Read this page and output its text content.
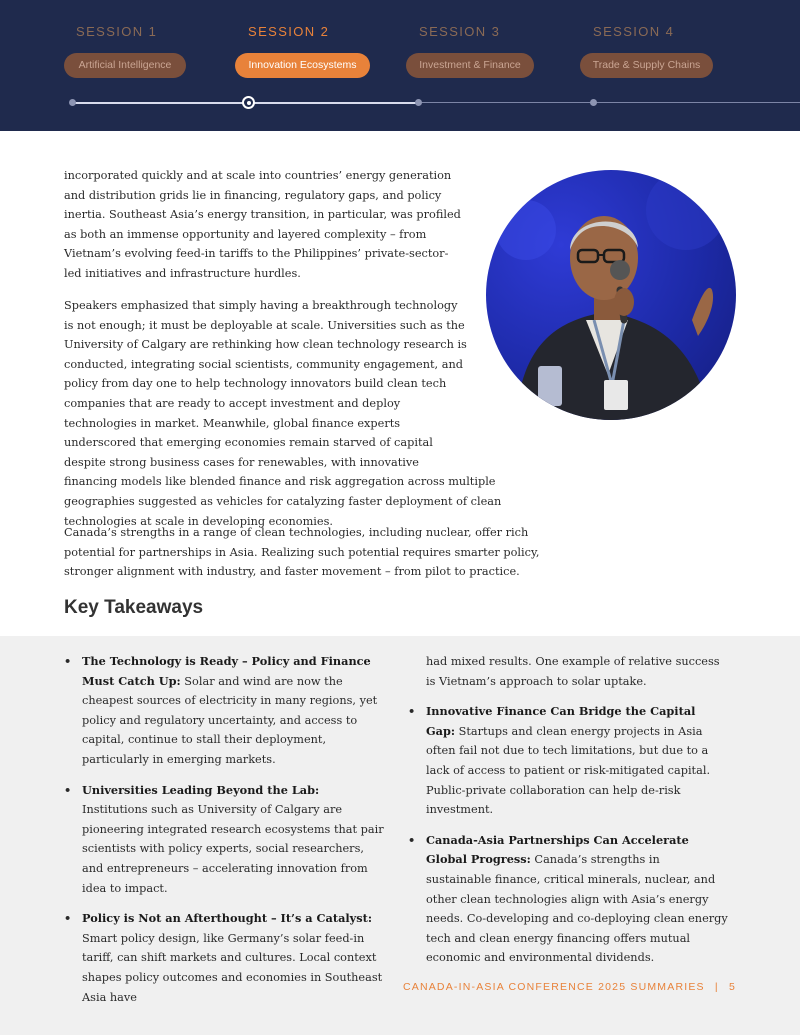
SESSION 1	SESSION 2	SESSION 3	SESSION 4
Artificial Intelligence	Innovation Ecosystems	Investment & Finance	Trade & Supply Chains

incorporated quickly and at scale into countries’ energy generation and distribution grids lie in financing, regulatory gaps, and policy inertia. Southeast Asia’s energy transition, in particular, was profiled as both an immense opportunity and layered complexity – from Vietnam’s evolving feed-in tariffs to the Philippines’ private-sector-led initiatives and infrastructure hurdles.

Speakers emphasized that simply having a breakthrough technology is not enough; it must be deployable at scale. Universities such as the University of Calgary are rethinking how clean technology research is conducted, integrating social scientists, community engagement, and policy from day one to help technology innovators build clean tech companies that are ready to accept investment and deploy technologies in market. Meanwhile, global finance experts underscored that emerging economies remain starved of capital despite strong business cases for renewables, with innovative
financing models like blended finance and risk aggregation across multiple geographies suggested as vehicles for catalyzing faster deployment of clean technologies at scale in developing economies.

Canada’s strengths in a range of clean technologies, including nuclear, offer rich potential for partnerships in Asia. Realizing such potential requires smarter policy, stronger alignment with industry, and faster movement – from pilot to practice.

Key Takeaways
• The Technology is Ready – Policy and Finance Must Catch Up: Solar and wind are now the cheapest sources of electricity in many regions, yet policy and regulatory uncertainty, and access to capital, continue to stall their deployment, particularly in emerging markets.
• Universities Leading Beyond the Lab: Institutions such as University of Calgary are pioneering integrated research ecosystems that pair scientists with policy experts, social researchers, and entrepreneurs – accelerating innovation from idea to impact.
• Policy is Not an Afterthought – It’s a Catalyst: Smart policy design, like Germany’s solar feed-in tariff, can shift markets and cultures. Local context shapes policy outcomes and economies in Southeast Asia have
had mixed results. One example of relative success is Vietnam’s approach to solar uptake.
• Innovative Finance Can Bridge the Capital Gap: Startups and clean energy projects in Asia often fail not due to tech limitations, but due to a lack of access to patient or risk-mitigated capital. Public-private collaboration can help de-risk investment.
• Canada-Asia Partnerships Can Accelerate Global Progress: Canada’s strengths in sustainable finance, critical minerals, nuclear, and other clean technologies align with Asia’s energy needs. Co-developing and co-deploying clean energy tech and clean energy financing offers mutual economic and environmental dividends.
CANADA-IN-ASIA CONFERENCE 2025 SUMMARIES | 5
